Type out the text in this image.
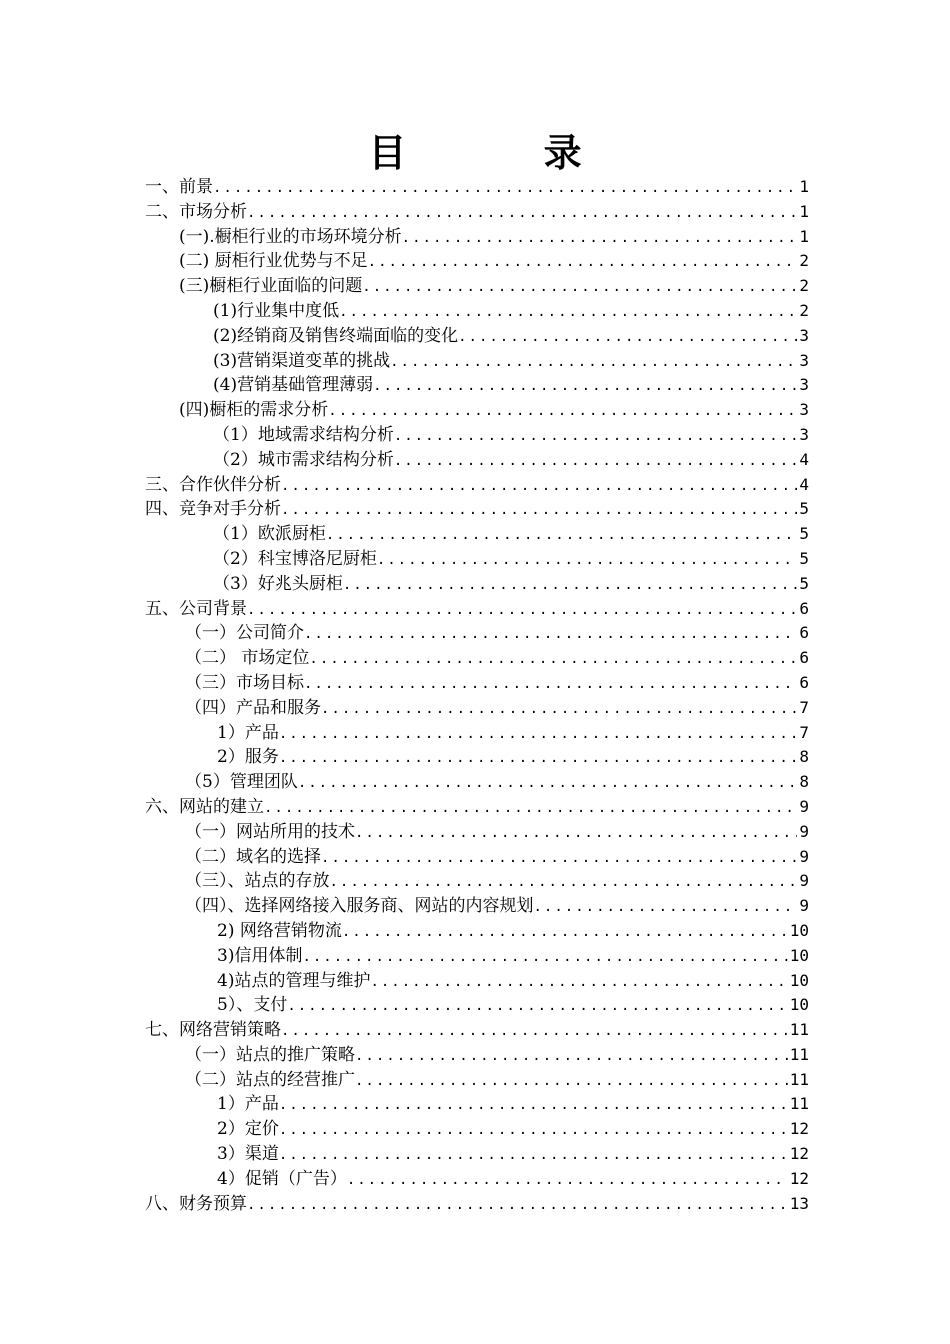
目 录
一、前景 .....	1
二、市场分析 .....	1
(一).橱柜行业的市场环境分析 .....	1
(二) 厨柜行业优势与不足 .....	2
(三)橱柜行业面临的问题 .....	2
(1)行业集中度低 .....	2
(2)经销商及销售终端面临的变化 .....	3
(3)营销渠道变革的挑战 .....	3
(4)营销基础管理薄弱 .....	3
(四)橱柜的需求分析 .....	3
（1）地域需求结构分析 .....	3
（2）城市需求结构分析 .....	4
三、合作伙伴分析 .....	4
四、竞争对手分析 .....	5
（1）欧派厨柜 .....	5
（2）科宝博洛尼厨柜 .....	5
（3）好兆头厨柜 .....	5
五、公司背景 .....	6
（一）公司简介 .....	6
（二） 市场定位 .....	6
（三）市场目标 .....	6
（四）产品和服务 .....	7
1）产品 .....	7
2）服务 .....	8
（5）管理团队 .....	8
六、网站的建立 .....	9
（一）网站所用的技术 .....	9
（二）域名的选择 .....	9
（三）、站点的存放 .....	9
（四）、选择网络接入服务商、网站的内容规划 .....	9
2) 网络营销物流 .....	10
3)信用体制 .....	10
4)站点的管理与维护 .....	10
5）、支付 .....	10
七、网络营销策略 .....	11
（一）站点的推广策略 .....	11
（二）站点的经营推广 .....	11
1）产品 .....	11
2）定价 .....	12
3）渠道 .....	12
4）促销（广告） .....	12
八、财务预算 .....	13
